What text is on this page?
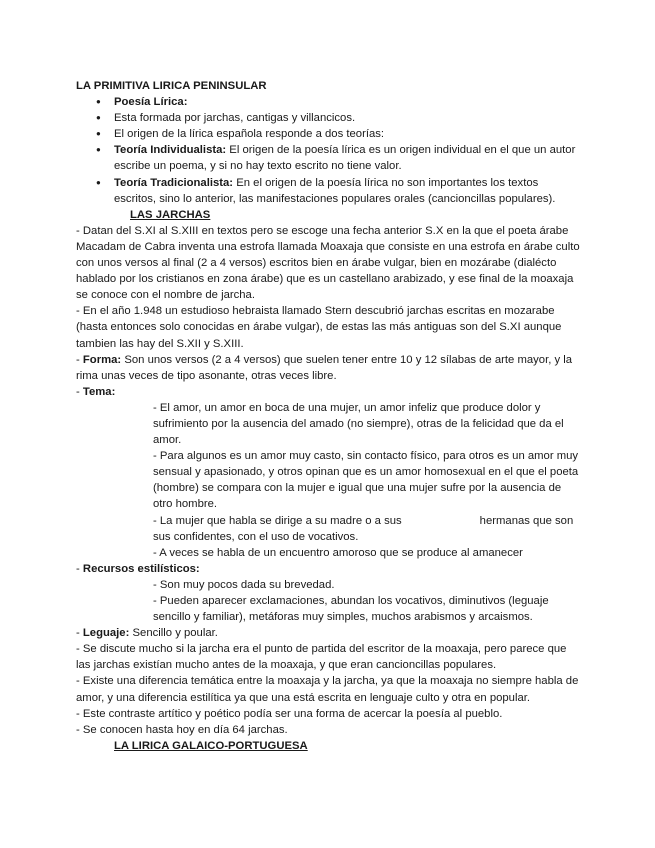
LA PRIMITIVA LIRICA PENINSULAR
● Poesía Lírica:
● Esta formada por jarchas, cantigas y villancicos.
● El origen de la lírica española responde a dos teorías:
● Teoría Individualista: El origen de la poesía lírica es un origen individual en el que un autor escribe un poema, y si no hay texto escrito no tiene valor.
● Teoría Tradicionalista: En el origen de la poesía lírica no son importantes los textos escritos, sino lo anterior, las manifestaciones populares orales (cancioncillas populares).
LAS JARCHAS

- Datan del S.XI al S.XIII en textos pero se escoge una fecha anterior S.X en la que el poeta árabe Macadam de Cabra inventa una estrofa llamada Moaxaja que consiste en una estrofa en árabe culto con unos versos al final (2 a 4 versos) escritos bien en árabe vulgar, bien en mozárabe (dialécto hablado por los cristianos en zona árabe) que es un castellano arabizado, y ese final de la moaxaja se conoce con el nombre de jarcha.

- En el año 1.948 un estudioso hebraista llamado Stern descubrió jarchas escritas en mozarabe (hasta entonces solo conocidas en árabe vulgar), de estas las más antiguas son del S.XI aunque tambien las hay del S.XII y S.XIII.

- Forma: Son unos versos (2 a 4 versos) que suelen tener entre 10 y 12 sílabas de arte mayor, y la rima unas veces de tipo asonante, otras veces libre.

- Tema:

- El amor, un amor en boca de una mujer, un amor infeliz que produce dolor y sufrimiento por la ausencia del amado (no siempre), otras de la felicidad que da el amor.

- Para algunos es un amor muy casto, sin contacto físico, para otros es un amor muy sensual y apasionado, y otros opinan que es un amor homosexual en el que el poeta (hombre) se compara con la mujer e igual que una mujer sufre por la ausencia de otro hombre.

- La mujer que habla se dirige a su madre o a sus	hermanas que son sus confidentes, con el uso de vocativos.

- A veces se habla de un encuentro amoroso que se produce al amanecer

- Recursos estilísticos:

- Son muy pocos dada su brevedad.

- Pueden aparecer exclamaciones, abundan los vocativos, diminutivos (leguaje sencillo y familiar), metáforas muy simples, muchos arabismos y arcaismos.

- Leguaje: Sencillo y poular.

- Se discute mucho si la jarcha era el punto de partida del escritor de la moaxaja, pero parece que las jarchas existían mucho antes de la moaxaja, y que eran cancioncillas populares.

- Existe una diferencia temática entre la moaxaja y la jarcha, ya que la moaxaja no siempre habla de amor, y una diferencia estilítica ya que una está escrita en lenguaje culto y otra en popular.

- Este contraste artítico y poético podía ser una forma de acercar la poesía al pueblo.

- Se conocen hasta hoy en día 64 jarchas.

LA LIRICA GALAICO-PORTUGUESA
